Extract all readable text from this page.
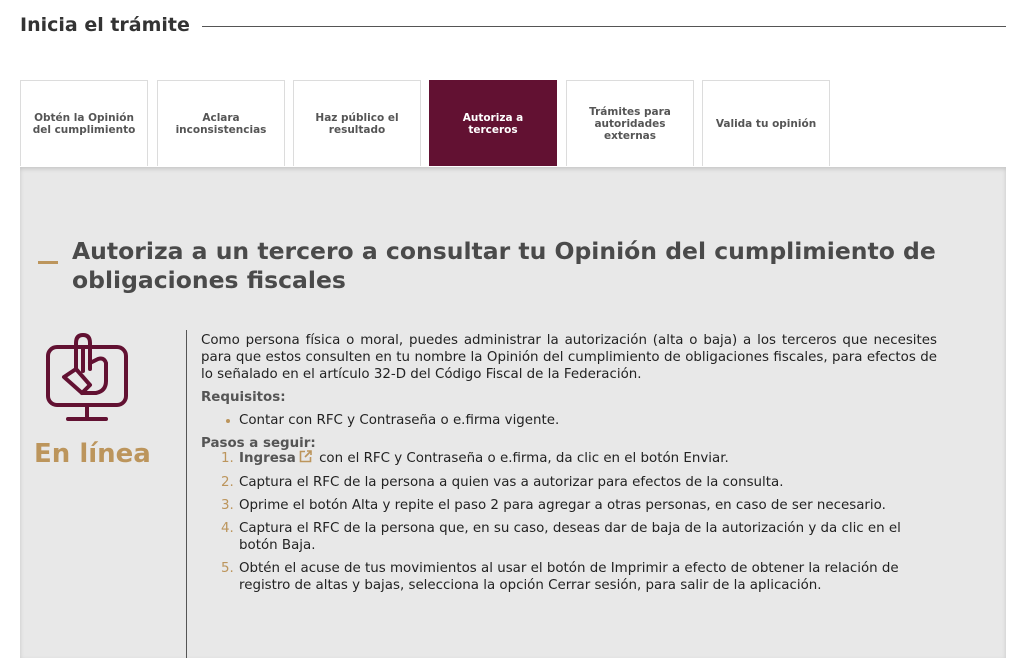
Inicia el trámite
Obtén la Opinión del cumplimiento
Aclara inconsistencias
Haz público el resultado
Autoriza a terceros
Trámites para autoridades externas
Valida tu opinión
Autoriza a un tercero a consultar tu Opinión del cumplimiento de obligaciones fiscales
En línea

Como persona física o moral, puedes administrar la autorización (alta o baja) a los terceros que necesites para que estos consulten en tu nombre la Opinión del cumplimiento de obligaciones fiscales, para efectos de lo señalado en el artículo 32-D del Código Fiscal de la Federación.

Requisitos:
Contar con RFC y Contraseña o e.firma vigente.
Pasos a seguir:
1. Ingresa con el RFC y Contraseña o e.firma, da clic en el botón Enviar.
2. Captura el RFC de la persona a quien vas a autorizar para efectos de la consulta.
3. Oprime el botón Alta y repite el paso 2 para agregar a otras personas, en caso de ser necesario.
4. Captura el RFC de la persona que, en su caso, deseas dar de baja de la autorización y da clic en el botón Baja.
5. Obtén el acuse de tus movimientos al usar el botón de Imprimir a efecto de obtener la relación de registro de altas y bajas, selecciona la opción Cerrar sesión, para salir de la aplicación.
